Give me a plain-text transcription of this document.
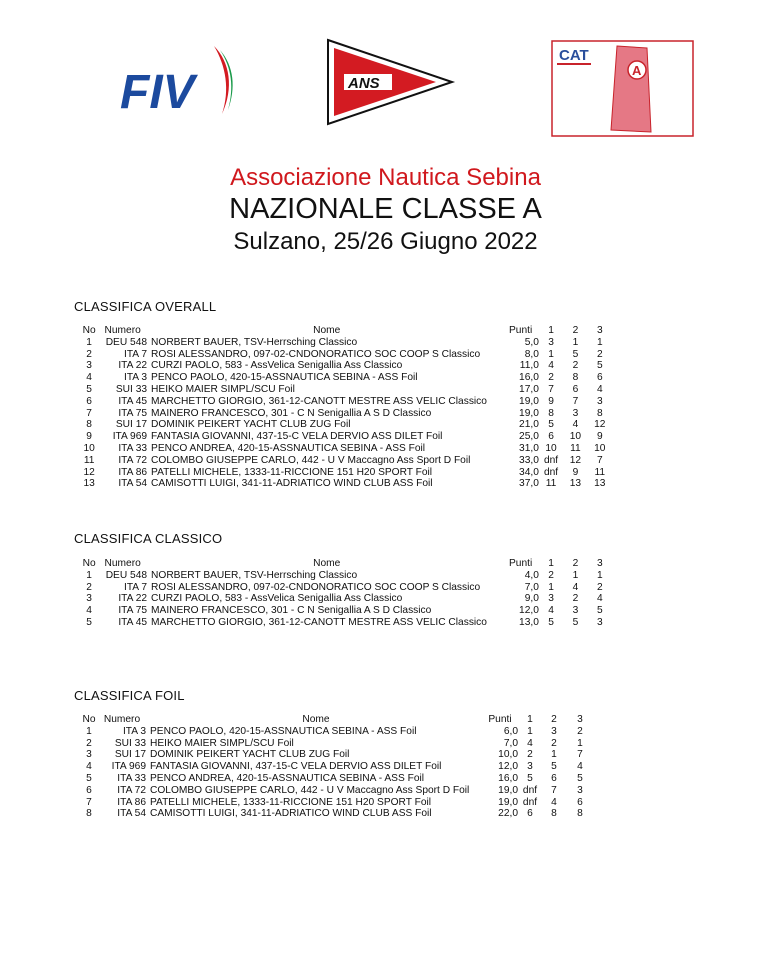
FIV	ANS
CAT
A
Associazione Nautica Sebina
NAZIONALE CLASSE A
Sulzano, 25/26 Giugno 2022
CLASSIFICA OVERALL
No	Numero	Nome	Punti	1	2	3
1	DEU 548	NORBERT BAUER, TSV-Herrsching Classico	5,0	3	1	1
2	ITA 7	ROSI ALESSANDRO, 097-02-CNDONORATICO SOC COOP S Classico	8,0	1	5	2
3	ITA 22	CURZI PAOLO, 583 - AssVelica Senigallia Ass Classico	11,0	4	2	5
4	ITA 3	PENCO PAOLO, 420-15-ASSNAUTICA SEBINA - ASS Foil	16,0	2	8	6
5	SUI 33	HEIKO MAIER SIMPL/SCU Foil	17,0	7	6	4
6	ITA 45	MARCHETTO GIORGIO, 361-12-CANOTT MESTRE ASS VELIC Classico	19,0	9	7	3
7	ITA 75	MAINERO FRANCESCO, 301 - C N Senigallia A S D Classico	19,0	8	3	8
8	SUI 17	DOMINIK PEIKERT YACHT CLUB ZUG Foil	21,0	5	4	12
9	ITA 969	FANTASIA GIOVANNI, 437-15-C VELA DERVIO ASS DILET Foil	25,0	6	10	9
10	ITA 33	PENCO ANDREA, 420-15-ASSNAUTICA SEBINA - ASS Foil	31,0	10	11	10
11	ITA 72	COLOMBO GIUSEPPE CARLO, 442 - U V Maccagno Ass Sport D Foil	33,0	dnf	12	7
12	ITA 86	PATELLI MICHELE, 1333-11-RICCIONE 151 H20 SPORT Foil	34,0	dnf	9	11
13	ITA 54	CAMISOTTI LUIGI, 341-11-ADRIATICO WIND CLUB ASS Foil	37,0	11	13	13
CLASSIFICA CLASSICO
No	Numero	Nome	Punti	1	2	3
1	DEU 548	NORBERT BAUER, TSV-Herrsching Classico	4,0	2	1	1
2	ITA 7	ROSI ALESSANDRO, 097-02-CNDONORATICO SOC COOP S Classico	7,0	1	4	2
3	ITA 22	CURZI PAOLO, 583 - AssVelica Senigallia Ass Classico	9,0	3	2	4
4	ITA 75	MAINERO FRANCESCO, 301 - C N Senigallia A S D Classico	12,0	4	3	5
5	ITA 45	MARCHETTO GIORGIO, 361-12-CANOTT MESTRE ASS VELIC Classico	13,0	5	5	3
CLASSIFICA FOIL
No	Numero	Nome	Punti	1	2	3
1	ITA 3	PENCO PAOLO, 420-15-ASSNAUTICA SEBINA - ASS Foil	6,0	1	3	2
2	SUI 33	HEIKO MAIER SIMPL/SCU Foil	7,0	4	2	1
3	SUI 17	DOMINIK PEIKERT YACHT CLUB ZUG Foil	10,0	2	1	7
4	ITA 969	FANTASIA GIOVANNI, 437-15-C VELA DERVIO ASS DILET Foil	12,0	3	5	4
5	ITA 33	PENCO ANDREA, 420-15-ASSNAUTICA SEBINA - ASS Foil	16,0	5	6	5
6	ITA 72	COLOMBO GIUSEPPE CARLO, 442 - U V Maccagno Ass Sport D Foil	19,0	dnf	7	3
7	ITA 86	PATELLI MICHELE, 1333-11-RICCIONE 151 H20 SPORT Foil	19,0	dnf	4	6
8	ITA 54	CAMISOTTI LUIGI, 341-11-ADRIATICO WIND CLUB ASS Foil	22,0	6	8	8
